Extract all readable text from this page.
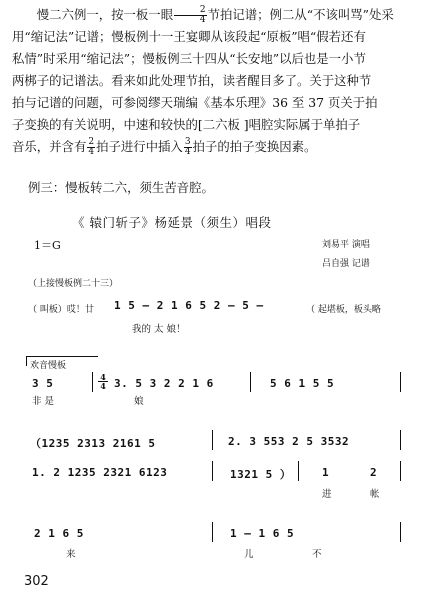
慢二六例一，按一板一眼 $\frac{2}{4}$ 节拍记谱；例二从“不该叫骂”处采

用“缩记法”记谱；慢板例十一王宴卿从该段起“原板”唱“假若还有

私情”时采用“缩记法”；慢板例三十四从“长安地”以后也是一小节

两梆子的记谱法。看来如此处理节拍，读者醒目多了。关于这种节

拍与记谱的问题，可参阅缪天瑞编《基本乐理》36 至 37 页关于拍

子变换的有关说明，中速和较快的[二六板 ]唱腔实际属于单拍子

音乐，并含有 $\frac{2}{4}$ 拍子进行中插入 $\frac{3}{4}$ 拍子的拍子变换因素。

例三：慢板转二六，须生苦音腔。
《 辕门斩子》杨延景（须生）唱段
1＝G	刘易平 演唱
吕自强 记谱
（上接慢板例二十三）
（ 叫板）哎！廿 1 5 — 2 1 6 5 2 — 5 —	（ 起堪板，板头略
我的 太 娘！
欢音慢板
3 5	4
4 3. 5 3 2 2 1 6	5 6 1 5 5
非 是	娘
（1235 2313 2161 5	2. 3 553 2 5 3532
1. 2 1235 2321 6123	1321 5 ）	1	2
进	帐
2 1 6 5	1 — 1 6 5
来	儿	不
302
